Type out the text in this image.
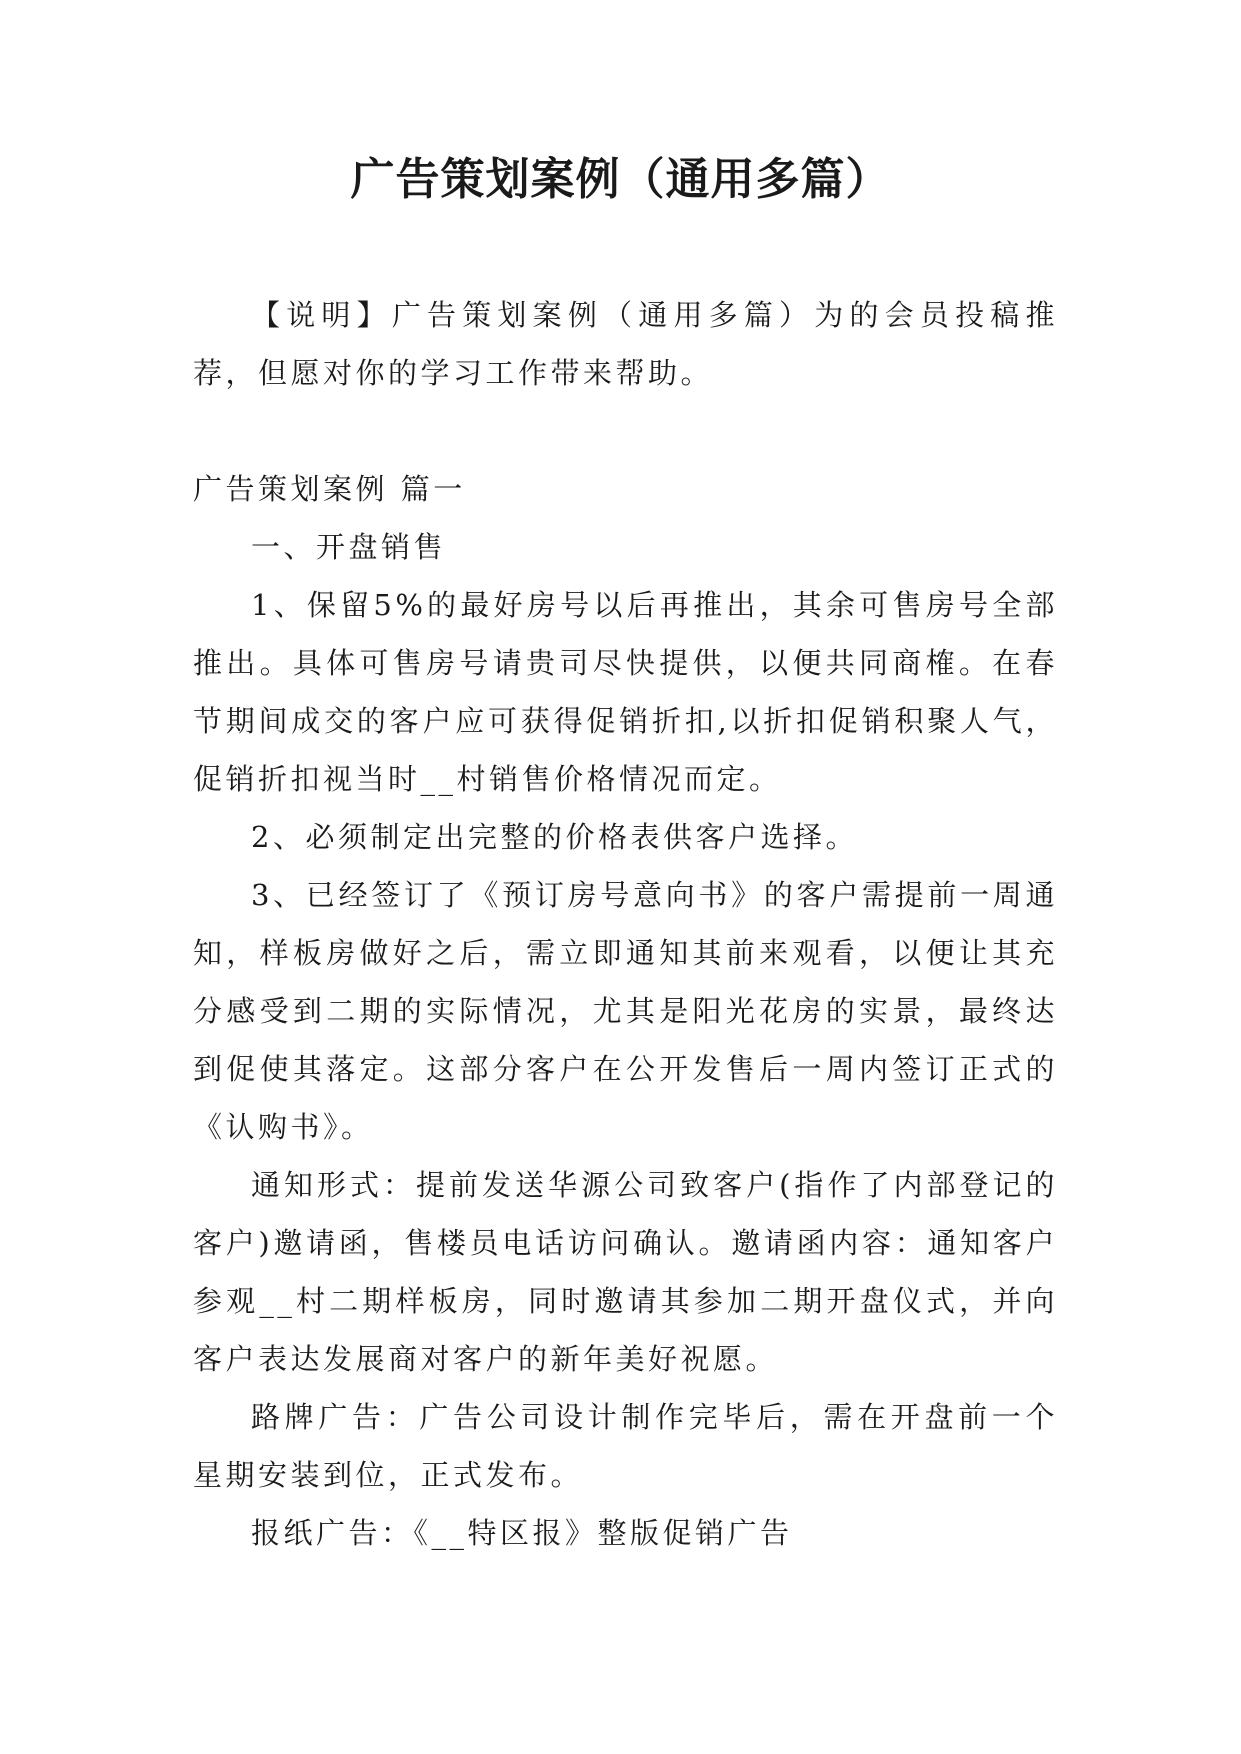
广告策划案例（通用多篇）

【说明】广告策划案例（通用多篇）为的会员投稿推荐，但愿对你的学习工作带来帮助。

广告策划案例 篇一

一、开盘销售

1、保留5%的最好房号以后再推出，其余可售房号全部推出。具体可售房号请贵司尽快提供，以便共同商榷。在春节期间成交的客户应可获得促销折扣,以折扣促销积聚人气，促销折扣视当时__村销售价格情况而定。

2、必须制定出完整的价格表供客户选择。

3、已经签订了《预订房号意向书》的客户需提前一周通知，样板房做好之后，需立即通知其前来观看，以便让其充分感受到二期的实际情况，尤其是阳光花房的实景，最终达到促使其落定。这部分客户在公开发售后一周内签订正式的《认购书》。

通知形式：提前发送华源公司致客户(指作了内部登记的客户)邀请函，售楼员电话访问确认。邀请函内容：通知客户参观__村二期样板房，同时邀请其参加二期开盘仪式，并向客户表达发展商对客户的新年美好祝愿。

路牌广告：广告公司设计制作完毕后，需在开盘前一个星期安装到位，正式发布。

报纸广告：《__特区报》整版促销广告
